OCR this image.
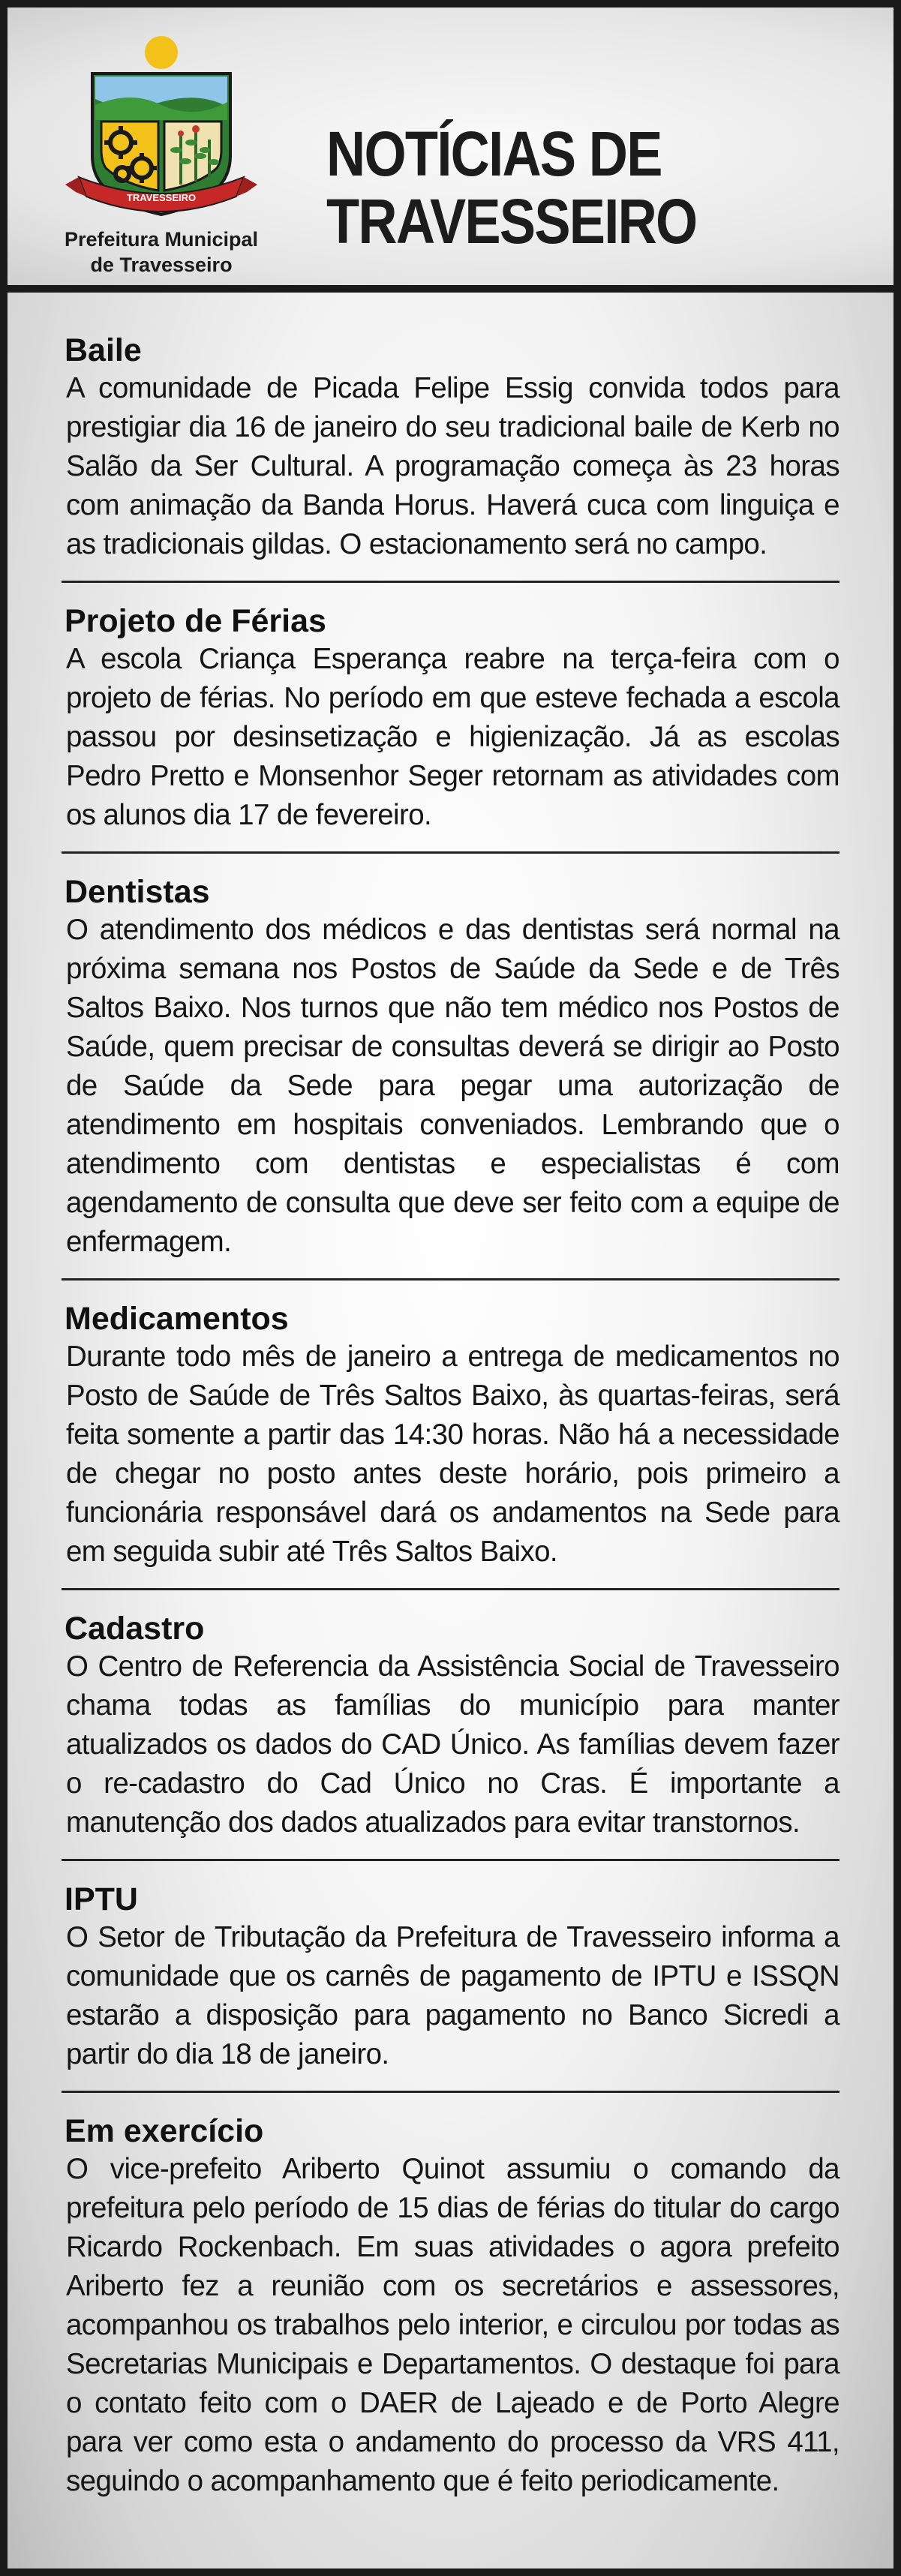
TRAVESSEIRO
Prefeitura Municipal
de Travesseiro
NOTÍCIAS DE
TRAVESSEIRO
Baile

A comunidade de Picada Felipe Essig convida todos para prestigiar dia 16 de janeiro do seu tradicional baile de Kerb no Salão da Ser Cultural. A programação começa às 23 horas com animação da Banda Horus. Haverá cuca com linguiça e as tradicionais gildas. O estacionamento será no campo.

Projeto de Férias

A escola Criança Esperança reabre na terça-feira com o projeto de férias. No período em que esteve fechada a escola passou por desinsetização e higienização. Já as escolas Pedro Pretto e Monsenhor Seger retornam as atividades com os alunos dia 17 de fevereiro.

Dentistas

O atendimento dos médicos e das dentistas será normal na próxima semana nos Postos de Saúde da Sede e de Três Saltos Baixo. Nos turnos que não tem médico nos Postos de Saúde, quem precisar de consultas deverá se dirigir ao Posto de Saúde da Sede para pegar uma autorização de atendimento em hospitais conveniados. Lembrando que o atendimento com dentistas e especialistas é com agendamento de consulta que deve ser feito com a equipe de enfermagem.

Medicamentos

Durante todo mês de janeiro a entrega de medicamentos no Posto de Saúde de Três Saltos Baixo, às quartas-feiras, será feita somente a partir das 14:30 horas. Não há a necessidade de chegar no posto antes deste horário, pois primeiro a funcionária responsável dará os andamentos na Sede para em seguida subir até Três Saltos Baixo.

Cadastro

O Centro de Referencia da Assistência Social de Travesseiro chama todas as famílias do município para manter atualizados os dados do CAD Único. As famílias devem fazer o re-cadastro do Cad Único no Cras. É importante a manutenção dos dados atualizados para evitar transtornos.

IPTU

O Setor de Tributação da Prefeitura de Travesseiro informa a comunidade que os carnês de pagamento de IPTU e ISSQN estarão a disposição para pagamento no Banco Sicredi a partir do dia 18 de janeiro.

Em exercício

O vice-prefeito Ariberto Quinot assumiu o comando da prefeitura pelo período de 15 dias de férias do titular do cargo Ricardo Rockenbach. Em suas atividades o agora prefeito Ariberto fez a reunião com os secretários e assessores, acompanhou os trabalhos pelo interior, e circulou por todas as Secretarias Municipais e Departamentos. O destaque foi para o contato feito com o DAER de Lajeado e de Porto Alegre para ver como esta o andamento do processo da VRS 411, seguindo o acompanhamento que é feito periodicamente.
